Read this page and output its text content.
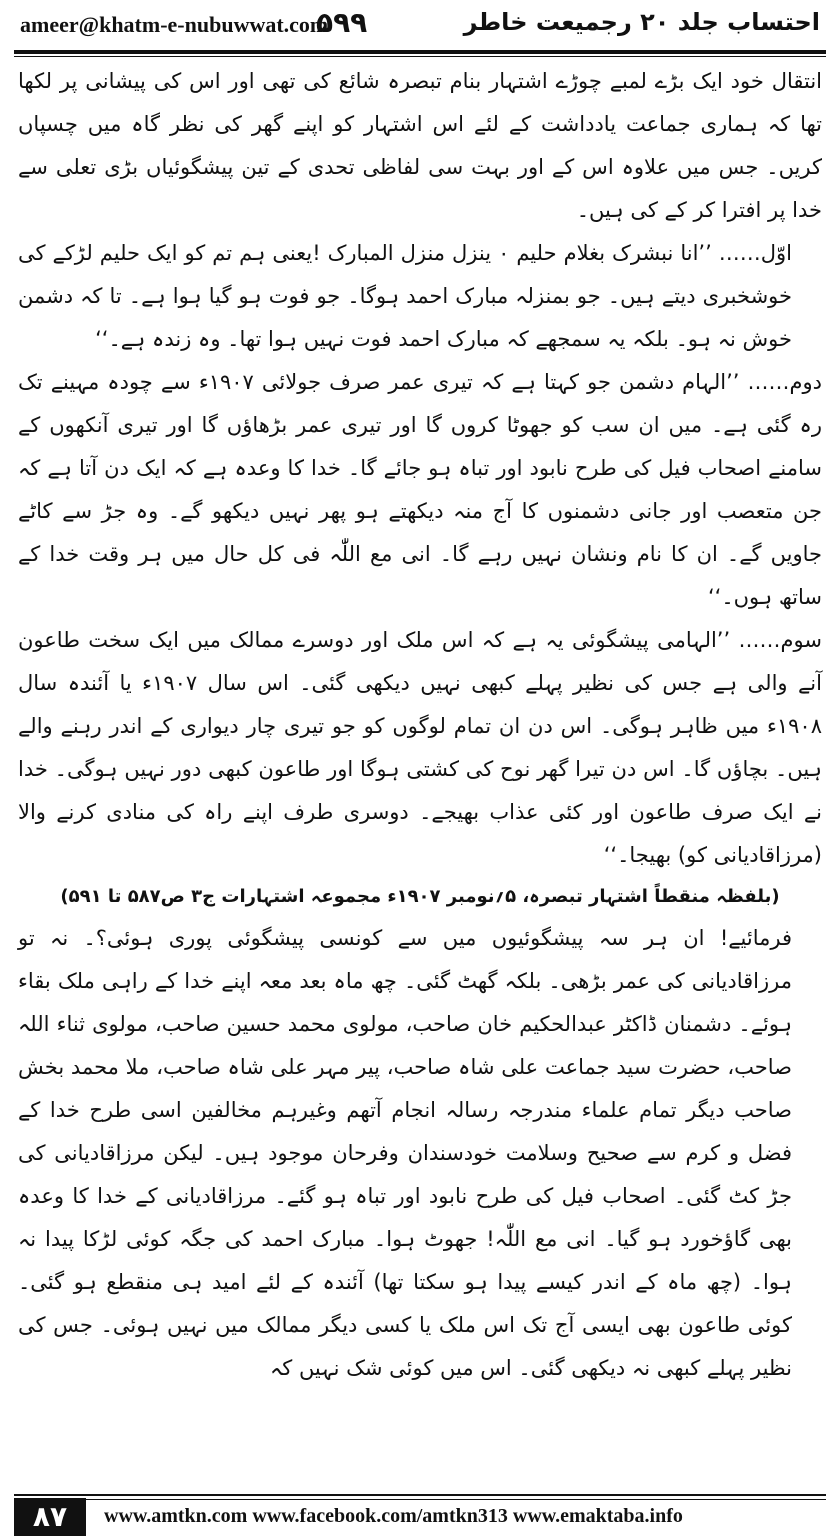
ameer@khatm-e-nubuwwat.com
۵۹۹	احتساب جلد ۲۰ رجمیعت خاطر

انتقال خود ایک بڑے لمبے چوڑے اشتہار بنام تبصرہ شائع کی تھی اور اس کی پیشانی پر لکھا تھا کہ ہماری جماعت یادداشت کے لئے اس اشتہار کو اپنے گھر کی نظر گاہ میں چسپاں کریں۔ جس میں علاوہ اس کے اور بہت سی لفاظی تحدی کے تین پیشگوئیاں بڑی تعلی سے خدا پر افترا کر کے کی ہیں۔

اوّل…… ’’انا نبشرک بغلام حلیم ۰ ینزل منزل المبارک !یعنی ہم تم کو ایک حلیم لڑکے کی خوشخبری دیتے ہیں۔ جو بمنزلہ مبارک احمد ہوگا۔ جو فوت ہو گیا ہوا ہے۔ تا کہ دشمن خوش نہ ہو۔ بلکہ یہ سمجھے کہ مبارک احمد فوت نہیں ہوا تھا۔ وہ زندہ ہے۔‘‘

دوم…… ’’الہام دشمن جو کہتا ہے کہ تیری عمر صرف جولائی ۱۹۰۷ء سے چودہ مہینے تک رہ گئی ہے۔ میں ان سب کو جھوٹا کروں گا اور تیری عمر بڑھاؤں گا اور تیری آنکھوں کے سامنے اصحاب فیل کی طرح نابود اور تباہ ہو جائے گا۔ خدا کا وعدہ ہے کہ ایک دن آتا ہے کہ جن متعصب اور جانی دشمنوں کا آج منہ دیکھتے ہو پھر نہیں دیکھو گے۔ وہ جڑ سے کاٹے جاویں گے۔ ان کا نام ونشان نہیں رہے گا۔ انی مع اللّٰہ فی کل حال میں ہر وقت خدا کے ساتھ ہوں۔‘‘

سوم…… ’’الہامی پیشگوئی یہ ہے کہ اس ملک اور دوسرے ممالک میں ایک سخت طاعون آنے والی ہے جس کی نظیر پہلے کبھی نہیں دیکھی گئی۔ اس سال ۱۹۰۷ء یا آئندہ سال ۱۹۰۸ء میں ظاہر ہوگی۔ اس دن ان تمام لوگوں کو جو تیری چار دیواری کے اندر رہنے والے ہیں۔ بچاؤں گا۔ اس دن تیرا گھر نوح کی کشتی ہوگا اور طاعون کبھی دور نہیں ہوگی۔ خدا نے ایک صرف طاعون اور کئی عذاب بھیجے۔ دوسری طرف اپنے راہ کی منادی کرنے والا (مرزاقادیانی کو) بھیجا۔‘‘

(بلفظہ منقطاً اشتہار تبصرہ، ۵؍نومبر ۱۹۰۷ء مجموعہ اشتہارات ج۳ ص۵۸۷ تا ۵۹۱)

فرمائیے! ان ہر سہ پیشگوئیوں میں سے کونسی پیشگوئی پوری ہوئی؟۔ نہ تو مرزاقادیانی کی عمر بڑھی۔ بلکہ گھٹ گئی۔ چھ ماہ بعد معہ اپنے خدا کے راہی ملک بقاء ہوئے۔ دشمنان ڈاکٹر عبدالحکیم خان صاحب، مولوی محمد حسین صاحب، مولوی ثناء اللہ صاحب، حضرت سید جماعت علی شاہ صاحب، پیر مہر علی شاہ صاحب، ملا محمد بخش صاحب دیگر تمام علماء مندرجہ رسالہ انجام آتھم وغیرہم مخالفین اسی طرح خدا کے فضل و کرم سے صحیح وسلامت خودسندان وفرحان موجود ہیں۔ لیکن مرزاقادیانی کی جڑ کٹ گئی۔ اصحاب فیل کی طرح نابود اور تباہ ہو گئے۔ مرزاقادیانی کے خدا کا وعدہ بھی گاؤخورد ہو گیا۔ انی مع اللّٰہ! جھوٹ ہوا۔ مبارک احمد کی جگہ کوئی لڑکا پیدا نہ ہوا۔ (چھ ماہ کے اندر کیسے پیدا ہو سکتا تھا) آئندہ کے لئے امید ہی منقطع ہو گئی۔ کوئی طاعون بھی ایسی آج تک اس ملک یا کسی دیگر ممالک میں نہیں ہوئی۔ جس کی نظیر پہلے کبھی نہ دیکھی گئی۔ اس میں کوئی شک نہیں کہ

۸۷	www.amtkn.com www.facebook.com/amtkn313 www.emaktaba.info
